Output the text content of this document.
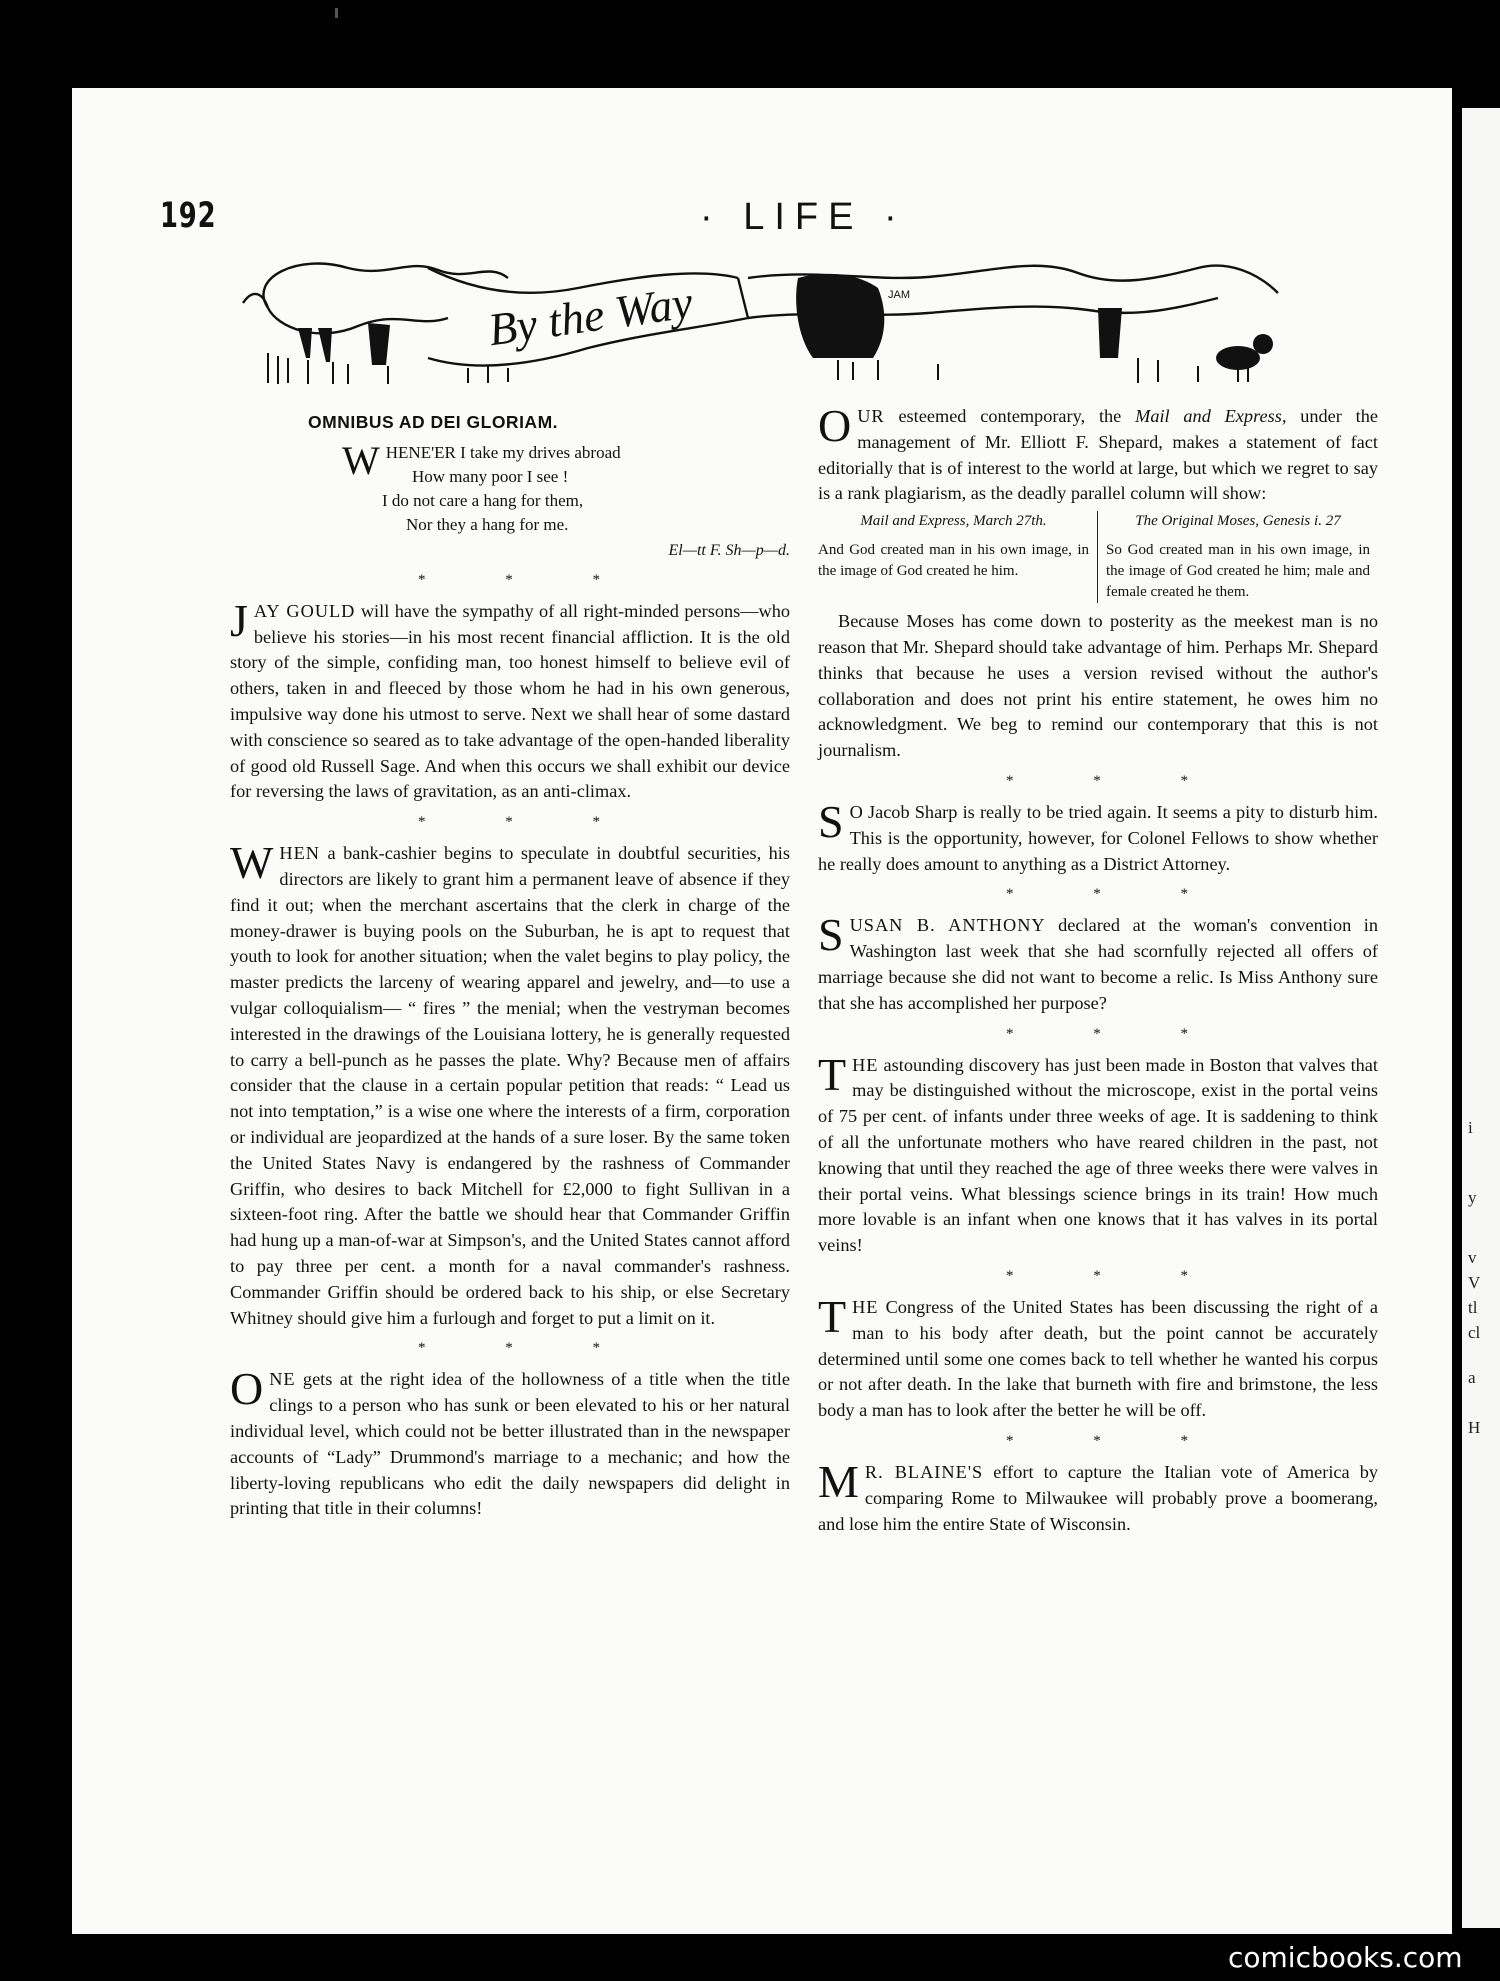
i
y
v
V
tl
cl
a
H
192	· LIFE ·
By the Way	JAM
OMNIBUS AD DEI GLORIAM.
WHENE'ER I take my drives abroad
How many poor I see !
I do not care a hang for them,
Nor they a hang for me.
El—tt F. Sh—p—d.
* * *

JAY GOULD will have the sympathy of all right-minded persons—who believe his stories—in his most recent financial affliction. It is the old story of the simple, confiding man, too honest himself to believe evil of others, taken in and fleeced by those whom he had in his own generous, impulsive way done his utmost to serve. Next we shall hear of some dastard with conscience so seared as to take advantage of the open-handed liberality of good old Russell Sage. And when this occurs we shall exhibit our device for reversing the laws of gravitation, as an anti-climax.

* * *

WHEN a bank-cashier begins to speculate in doubtful securities, his directors are likely to grant him a permanent leave of absence if they find it out; when the merchant ascertains that the clerk in charge of the money-drawer is buying pools on the Suburban, he is apt to request that youth to look for another situation; when the valet begins to play policy, the master predicts the larceny of wearing apparel and jewelry, and—to use a vulgar colloquialism— “ fires ” the menial; when the vestryman becomes interested in the drawings of the Louisiana lottery, he is generally requested to carry a bell-punch as he passes the plate. Why? Because men of affairs consider that the clause in a certain popular petition that reads: “ Lead us not into temptation,” is a wise one where the interests of a firm, corporation or individual are jeopardized at the hands of a sure loser. By the same token the United States Navy is endangered by the rashness of Commander Griffin, who desires to back Mitchell for £2,000 to fight Sullivan in a sixteen-foot ring. After the battle we should hear that Commander Griffin had hung up a man-of-war at Simpson's, and the United States cannot afford to pay three per cent. a month for a naval commander's rashness. Commander Griffin should be ordered back to his ship, or else Secretary Whitney should give him a furlough and forget to put a limit on it.

* * *

ONE gets at the right idea of the hollowness of a title when the title clings to a person who has sunk or been elevated to his or her natural individual level, which could not be better illustrated than in the newspaper accounts of “Lady” Drummond's marriage to a mechanic; and how the liberty-loving republicans who edit the daily newspapers did delight in printing that title in their columns!

OUR esteemed contemporary, the Mail and Express, under the management of Mr. Elliott F. Shepard, makes a statement of fact editorially that is of interest to the world at large, but which we regret to say is a rank plagiarism, as the deadly parallel column will show:

Mail and Express, March 27th.
And God created man in his own image, in the image of God created he him.
The Original Moses, Genesis i. 27
So God created man in his own image, in the image of God created he him; male and female created he them.

Because Moses has come down to posterity as the meekest man is no reason that Mr. Shepard should take advantage of him. Perhaps Mr. Shepard thinks that because he uses a version revised without the author's collaboration and does not print his entire statement, he owes him no acknowledgment. We beg to remind our contemporary that this is not journalism.

* * *

S O Jacob Sharp is really to be tried again. It seems a pity to disturb him. This is the opportunity, however, for Colonel Fellows to show whether he really does amount to anything as a District Attorney.

* * *

SUSAN B. ANTHONY declared at the woman's convention in Washington last week that she had scornfully rejected all offers of marriage because she did not want to become a relic. Is Miss Anthony sure that she has accomplished her purpose?

* * *

THE astounding discovery has just been made in Boston that valves that may be distinguished without the microscope, exist in the portal veins of 75 per cent. of infants under three weeks of age. It is saddening to think of all the unfortunate mothers who have reared children in the past, not knowing that until they reached the age of three weeks there were valves in their portal veins. What blessings science brings in its train! How much more lovable is an infant when one knows that it has valves in its portal veins!

* * *

THE Congress of the United States has been discussing the right of a man to his body after death, but the point cannot be accurately determined until some one comes back to tell whether he wanted his corpus or not after death. In the lake that burneth with fire and brimstone, the less body a man has to look after the better he will be off.

* * *

M R. BLAINE'S effort to capture the Italian vote of America by comparing Rome to Milwaukee will probably prove a boomerang, and lose him the entire State of Wisconsin.

comicbooks.com
